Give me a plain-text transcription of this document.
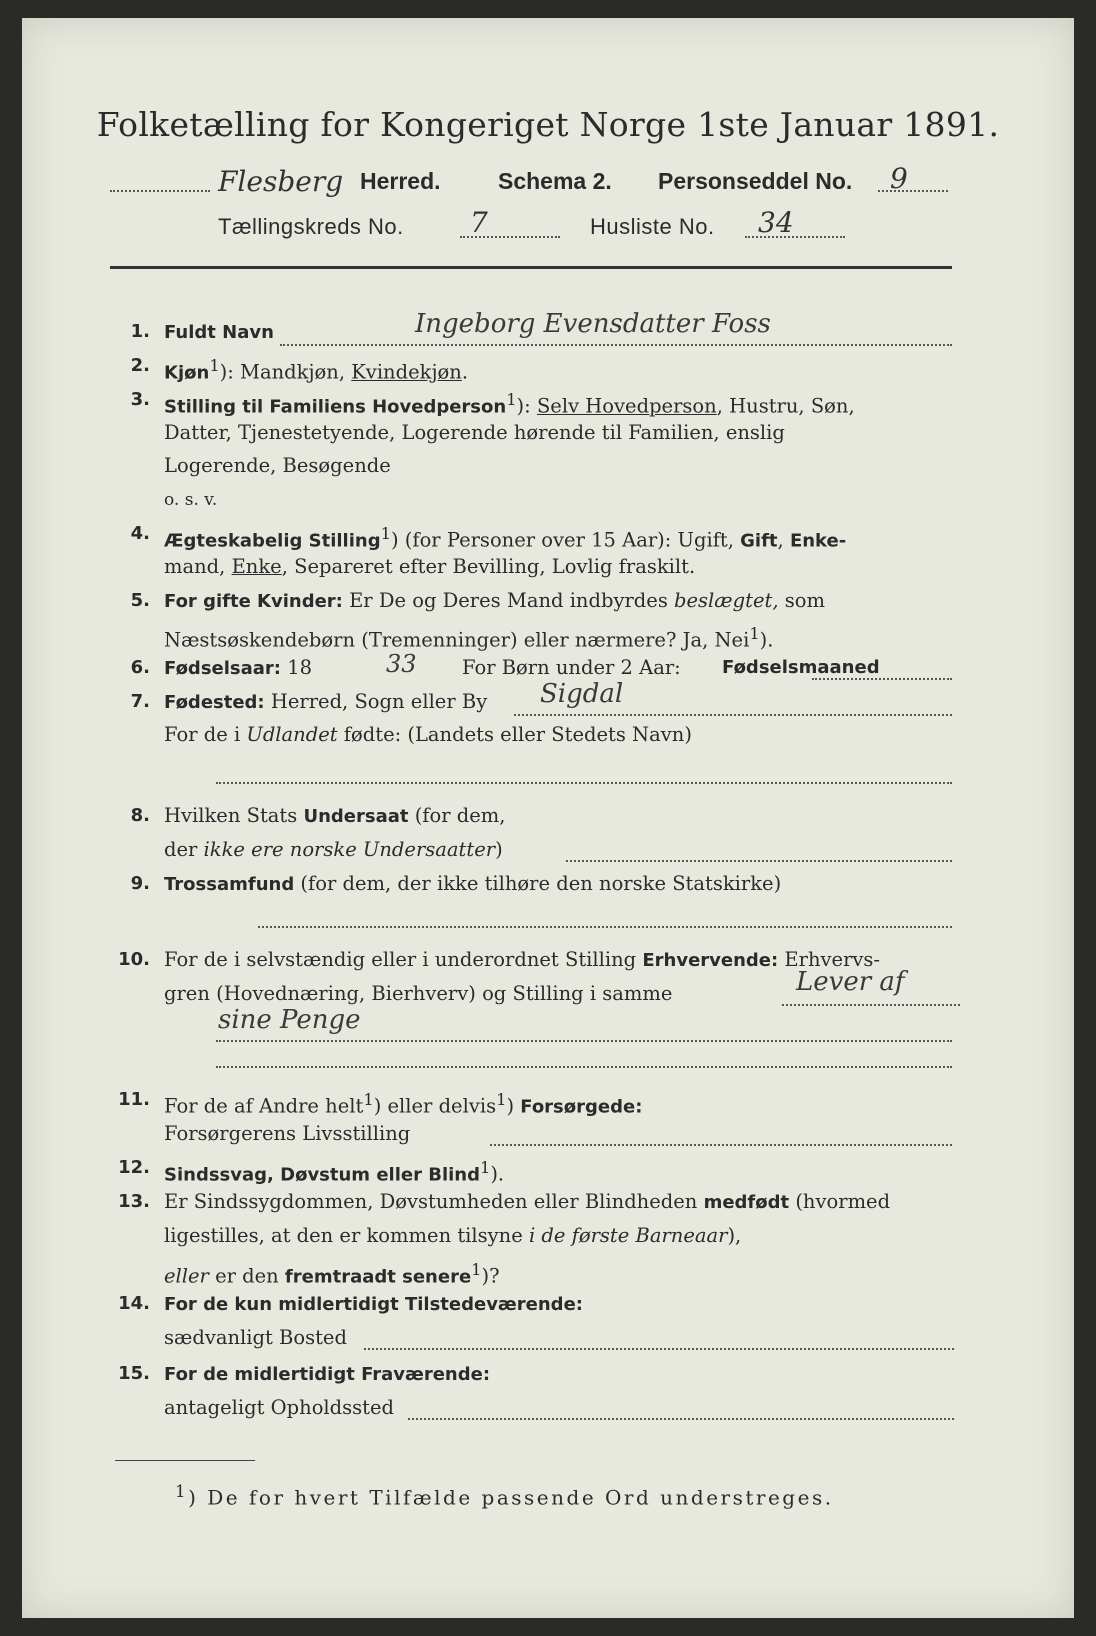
Folketælling for Kongeriget Norge 1ste Januar 1891.
Flesberg Herred. Schema 2. Personseddel No. 9
Tællingskreds No. 7	Husliste No. 34
1. Fuldt Navn	Ingeborg Evensdatter Foss
2. Kjøn$^1$): Mandkjøn, Kvindekjøn.
3. Stilling til Familiens Hovedperson$^1$): Selv Hovedperson, Hustru, Søn,
Datter, Tjenestetyende, Logerende hørende til Familien, enslig
Logerende, Besøgende
o. s. v.
4. Ægteskabelig Stilling$^1$) (for Personer over 15 Aar): Ugift, Gift, Enke-
mand, Enke, Separeret efter Bevilling, Lovlig fraskilt.
5. For gifte Kvinder: Er De og Deres Mand indbyrdes beslægtet, som
Næstsøskendebørn (Tremenninger) eller nærmere? Ja, Nei$^1$).
6. Fødselsaar: 18	33 For Børn under 2 Aar: Fødselsmaaned
7. Fødested: Herred, Sogn eller By	Sigdal
For de i Udlandet fødte: (Landets eller Stedets Navn)
8. Hvilken Stats Undersaat (for dem,
der ikke ere norske Undersaatter)
9. Trossamfund (for dem, der ikke tilhøre den norske Statskirke)
10. For de i selvstændig eller i underordnet Stilling Erhvervende: Erhvervs-
gren (Hovednæring, Bierhverv) og Stilling i samme	Lever af
sine Penge
11. For de af Andre helt$^1$) eller delvis$^1$) Forsørgede:
Forsørgerens Livsstilling
12. Sindssvag, Døvstum eller Blind$^1$).
13. Er Sindssygdommen, Døvstumheden eller Blindheden medfødt (hvormed
ligestilles, at den er kommen tilsyne i de første Barneaar),
eller er den fremtraadt senere$^1$)?
14. For de kun midlertidigt Tilstedeværende:
sædvanligt Bosted
15. For de midlertidigt Fraværende:
antageligt Opholdssted
$^1$) De for hvert Tilfælde passende Ord understreges.
